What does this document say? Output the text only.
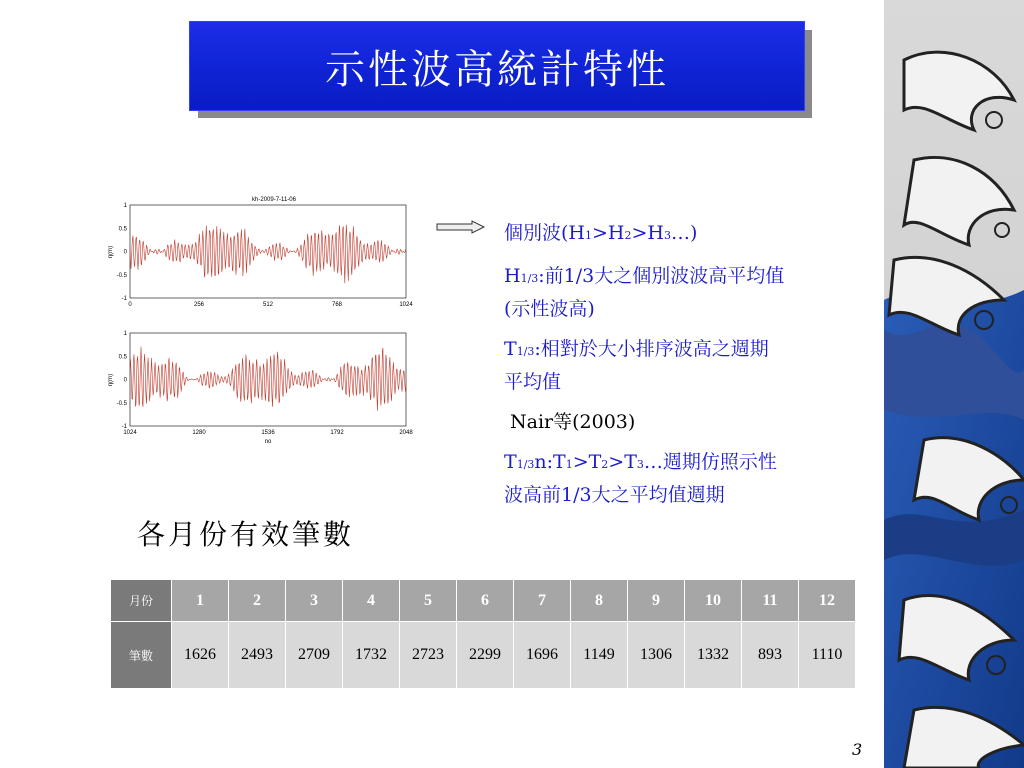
示性波高統計特性
kh-2009-7-11-06
η(m)
1
0.5
0
-0.5
-1
0	256	512	768	1024
η(m)
1
0.5
0
-0.5
-1
1024	1280	1536	1792	2048
no
個別波(H1>H2>H3…)
H1/3:前1/3大之個別波波高平均值
(示性波高)
T1/3:相對於大小排序波高之週期
平均值
Nair等(2003)
T1/3n:T1>T2>T3…週期仿照示性
波高前1/3大之平均值週期
各月份有效筆數
月份	1	2	3	4	5	6	7	8	9	10	11	12
筆數	1626	2493	2709	1732	2723	2299	1696	1149	1306	1332	893	1110
3
